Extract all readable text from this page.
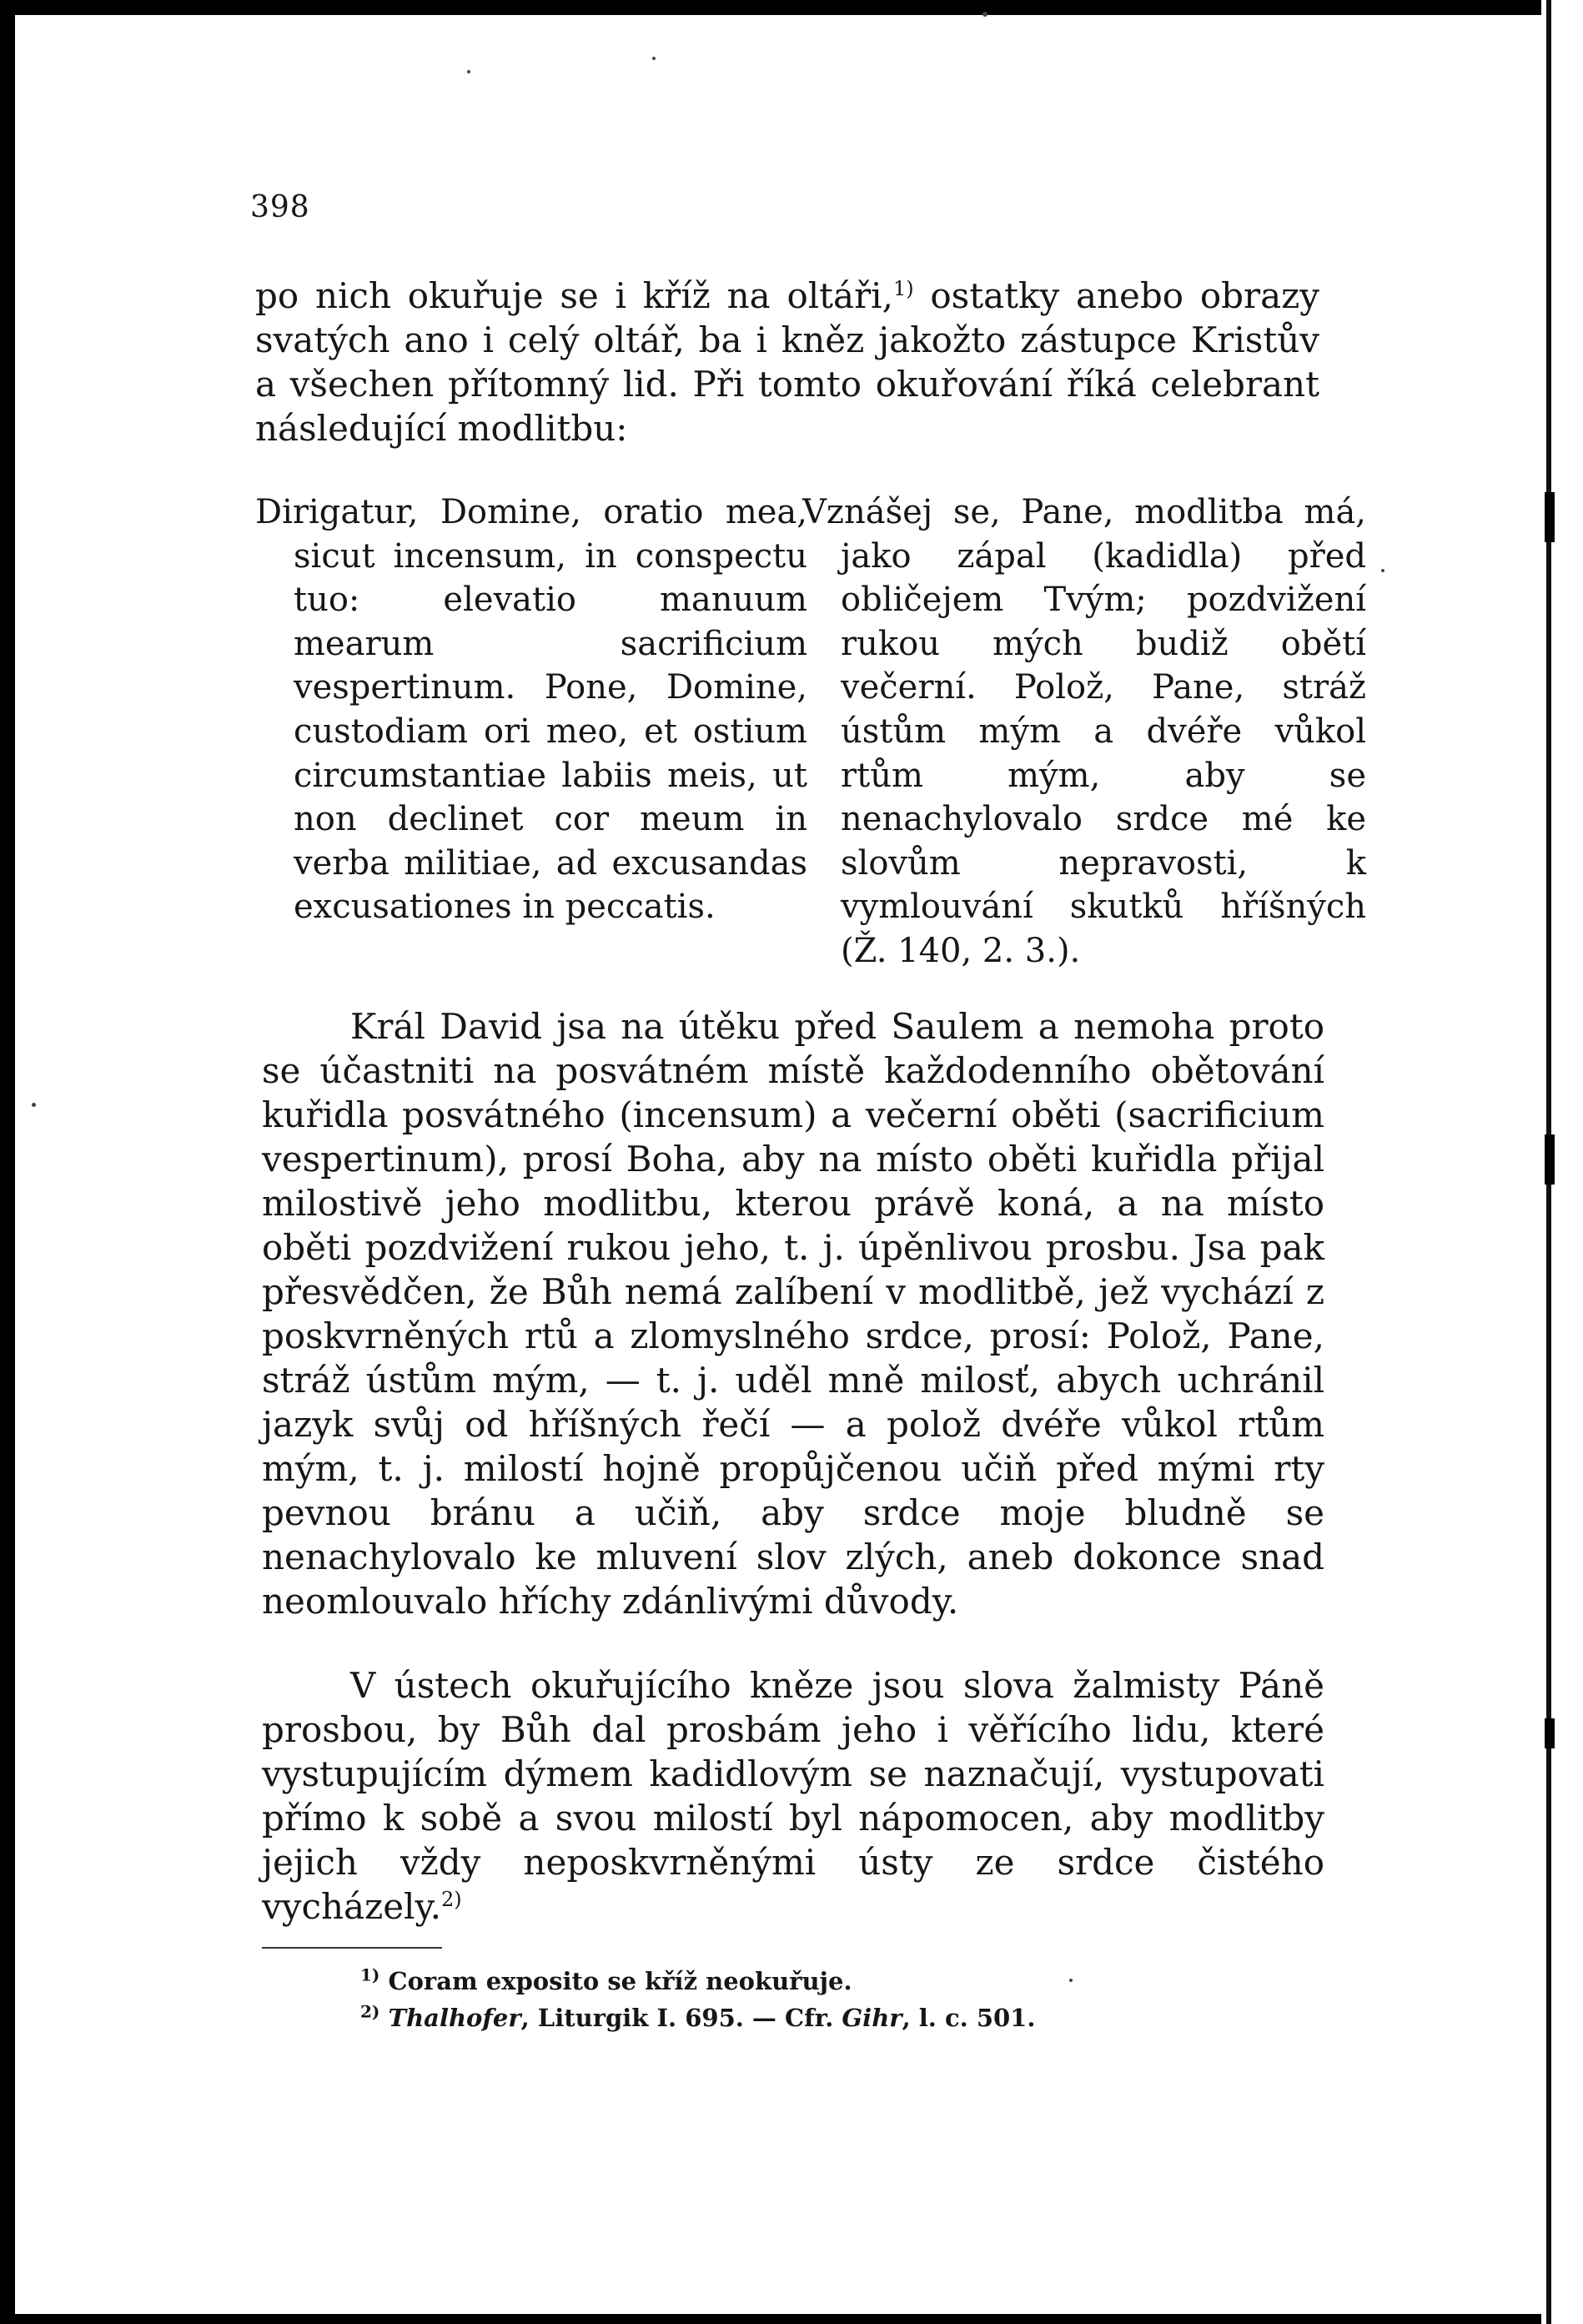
398

po nich okuřuje se i kříž na oltáři,$^{1)}$ ostatky anebo obrazy svatých ano i celý oltář, ba i kněz jakožto zástupce Kristův a všechen přítomný lid. Při tomto okuřování říká celebrant následující modlitbu:

Dirigatur, Domine, oratio mea, sicut incensum, in conspectu tuo: elevatio manuum mearum sacrificium vespertinum. Pone, Domine, custodiam ori meo, et ostium circumstantiae labiis meis, ut non declinet cor meum in verba militiae, ad excusandas excusationes in peccatis.

Vznášej se, Pane, modlitba má, jako zápal (kadidla) před obličejem Tvým; pozdvižení rukou mých budiž obětí večerní. Polož, Pane, stráž ústům mým a dvéře vůkol rtům mým, aby se nenachylovalo srdce mé ke slovům nepravosti, k vymlouvání skutků hříšných (Ž. 140, 2. 3.).

Král David jsa na útěku před Saulem a nemoha proto se účastniti na posvátném místě každodenního obětování kuřidla posvátného (incensum) a večerní oběti (sacrificium vespertinum), prosí Boha, aby na místo oběti kuřidla přijal milostivě jeho modlitbu, kterou právě koná, a na místo oběti pozdvižení rukou jeho, t. j. úpěnlivou prosbu. Jsa pak přesvědčen, že Bůh nemá zalíbení v modlitbě, jež vychází z poskvrněných rtů a zlomyslného srdce, prosí: Polož, Pane, stráž ústům mým, — t. j. uděl mně milosť, abych uchránil jazyk svůj od hříšných řečí — a polož dvéře vůkol rtům mým, t. j. milostí hojně propůjčenou učiň před mými rty pevnou bránu a učiň, aby srdce moje bludně se nenachylovalo ke mluvení slov zlých, aneb dokonce snad neomlouvalo hříchy zdánlivými důvody.

V ústech okuřujícího kněze jsou slova žalmisty Páně prosbou, by Bůh dal prosbám jeho i věřícího lidu, které vystupujícím dýmem kadidlovým se naznačují, vystupovati přímo k sobě a svou milostí byl nápomocen, aby modlitby jejich vždy neposkvrněnými ústy ze srdce čistého vycházely.$^{2)}$

$^{1)}$ Coram exposito se kříž neokuřuje.

$^{2)}$ Thalhofer, Liturgik I. 695. — Cfr. Gihr, l. c. 501.
